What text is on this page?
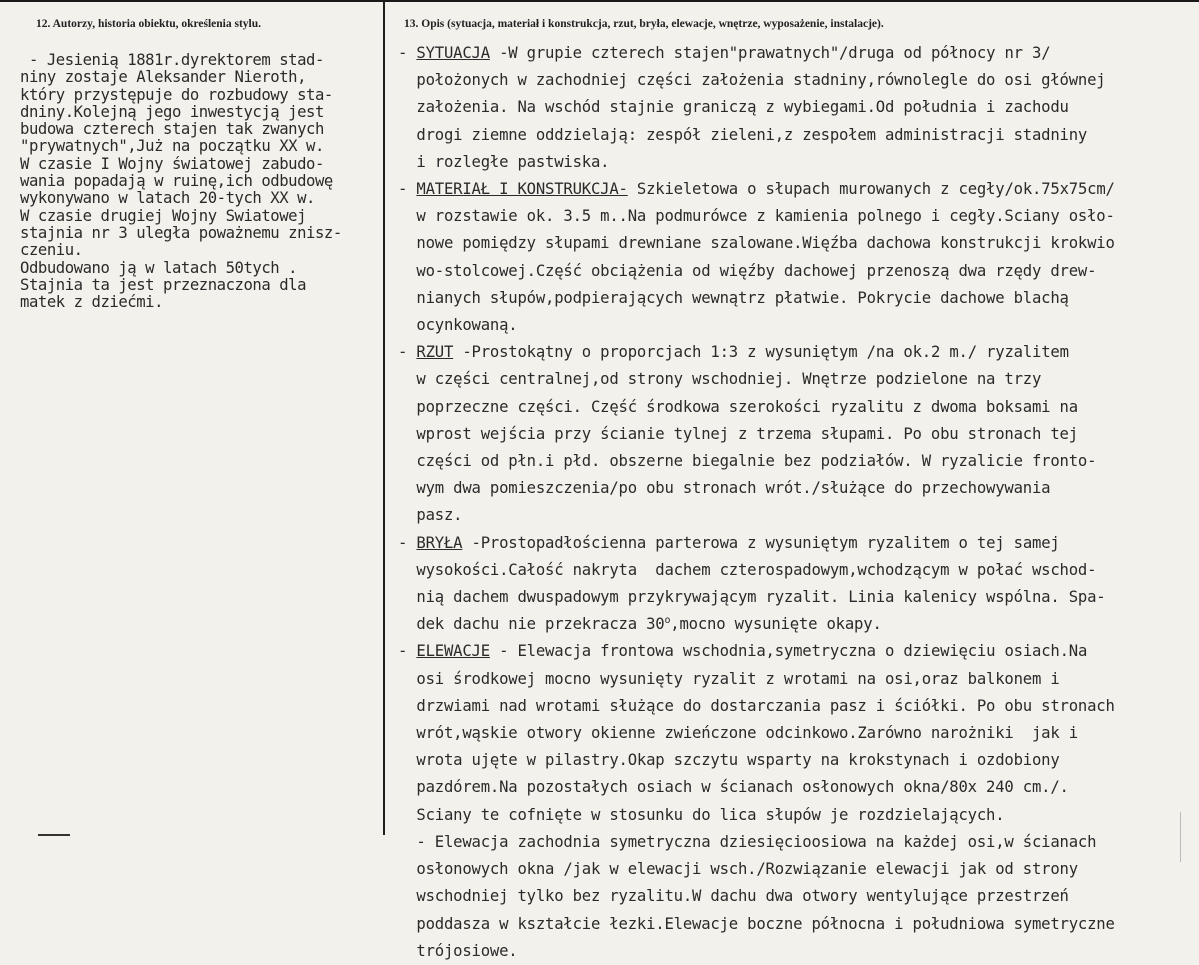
12. Autorzy, historia obiektu, określenia stylu.	13. Opis (sytuacja, materiał i konstrukcja, rzut, bryła, elewacje, wnętrze, wyposażenie, instalacje).
- Jesienią 1881r.dyrektorem stad-
niny zostaje Aleksander Nieroth,
który przystępuje do rozbudowy sta-
dniny.Kolejną jego inwestycją jest
budowa czterech stajen tak zwanych
"prywatnych",Już na początku XX w.
W czasie I Wojny światowej zabudo-
wania popadają w ruinę,ich odbudowę
wykonywano w latach 20-tych XX w.
W czasie drugiej Wojny Swiatowej
stajnia nr 3 uległa poważnemu znisz-
czeniu.
Odbudowano ją w latach 50tych .
Stajnia ta jest przeznaczona dla
matek z dziećmi.
- SYTUACJA -W grupie czterech stajen"prawatnych"/druga od północy nr 3/
położonych w zachodniej części założenia stadniny,równolegle do osi głównej
założenia. Na wschód stajnie graniczą z wybiegami.Od południa i zachodu
drogi ziemne oddzielają: zespół zieleni,z zespołem administracji stadniny
i rozległe pastwiska.
- MATERIAŁ I KONSTRUKCJA- Szkieletowa o słupach murowanych z cegły/ok.75x75cm/
w rozstawie ok. 3.5 m..Na podmurówce z kamienia polnego i cegły.Sciany osło-
nowe pomiędzy słupami drewniane szalowane.Więźba dachowa konstrukcji krokwio
wo-stolcowej.Część obciążenia od więźby dachowej przenoszą dwa rzędy drew-
nianych słupów,podpierających wewnątrz płatwie. Pokrycie dachowe blachą
ocynkowaną.
- RZUT -Prostokątny o proporcjach 1:3 z wysuniętym /na ok.2 m./ ryzalitem
w części centralnej,od strony wschodniej. Wnętrze podzielone na trzy
poprzeczne części. Część środkowa szerokości ryzalitu z dwoma boksami na
wprost wejścia przy ścianie tylnej z trzema słupami. Po obu stronach tej
części od płn.i płd. obszerne biegalnie bez podziałów. W ryzalicie fronto-
wym dwa pomieszczenia/po obu stronach wrót./służące do przechowywania
pasz.
- BRYŁA -Prostopadłościenna parterowa z wysuniętym ryzalitem o tej samej
wysokości.Całość nakryta  dachem czterospadowym,wchodzącym w połać wschod-
nią dachem dwuspadowym przykrywającym ryzalit. Linia kalenicy wspólna. Spa-
dek dachu nie przekracza 30$^o$,mocno wysunięte okapy.
- ELEWACJE - Elewacja frontowa wschodnia,symetryczna o dziewięciu osiach.Na
osi środkowej mocno wysunięty ryzalit z wrotami na osi,oraz balkonem i
drzwiami nad wrotami służące do dostarczania pasz i ściółki. Po obu stronach
wrót,wąskie otwory okienne zwieńczone odcinkowo.Zarówno narożniki  jak i
wrota ujęte w pilastry.Okap szczytu wsparty na krokstynach i ozdobiony
pazdórem.Na pozostałych osiach w ścianach osłonowych okna/80x 240 cm./.
Sciany te cofnięte w stosunku do lica słupów je rozdzielających.
- Elewacja zachodnia symetryczna dziesięcioosiowa na każdej osi,w ścianach
osłonowych okna /jak w elewacji wsch./Rozwiązanie elewacji jak od strony
wschodniej tylko bez ryzalitu.W dachu dwa otwory wentylujące przestrzeń
poddasza w kształcie łezki.Elewacje boczne północna i południowa symetryczne
trójosiowe.
